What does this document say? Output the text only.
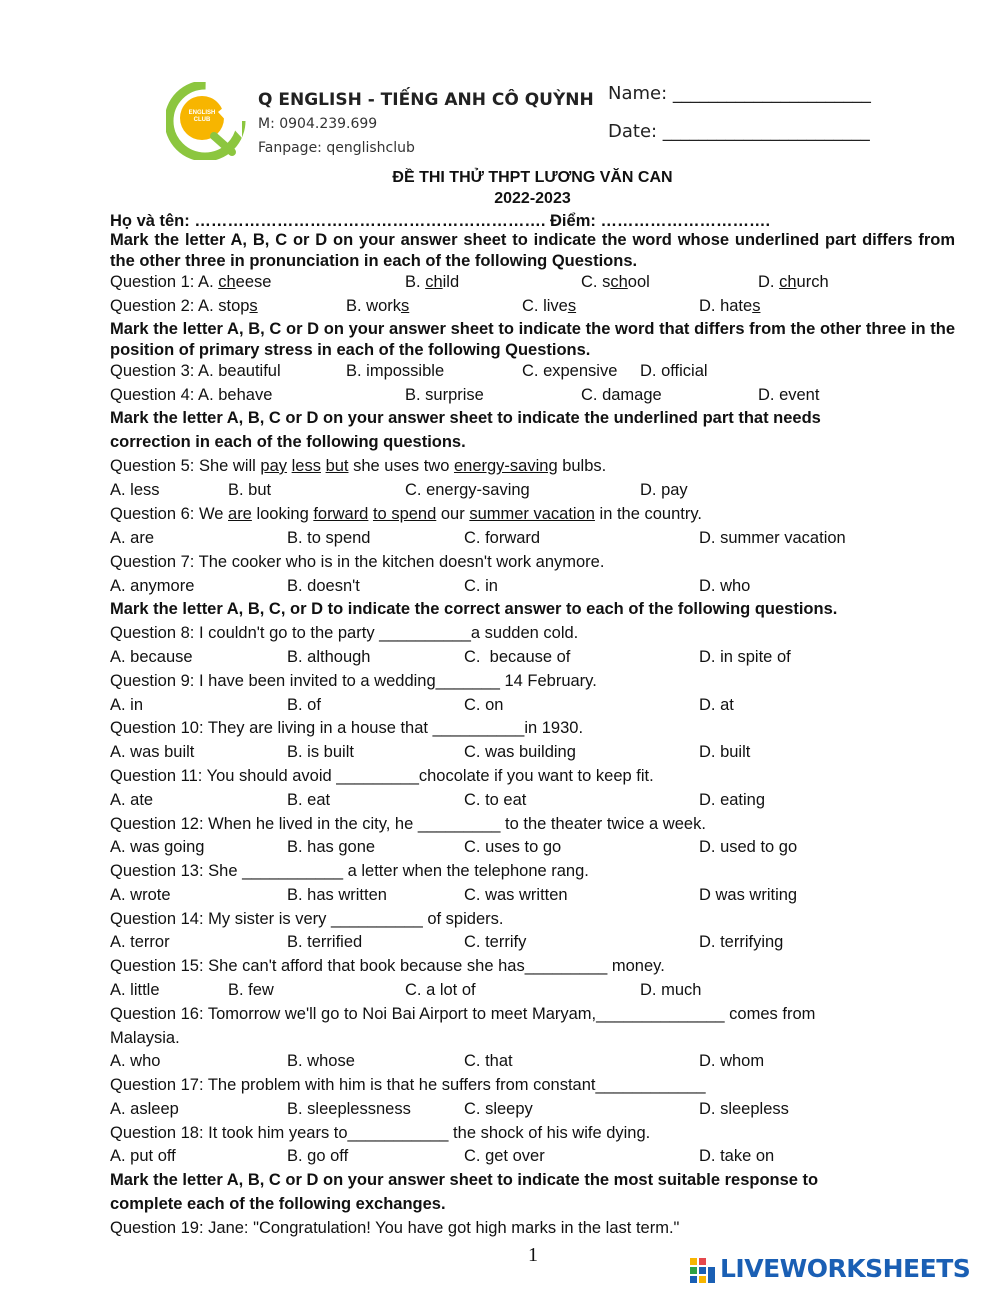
ENGLISH CLUB
Q ENGLISH - TIẾNG ANH CÔ QUỲNH
M: 0904.239.699
Fanpage: qenglishclub
Name: ______________________
Date: _______________________
ĐỀ THI THỬ THPT LƯƠNG VĂN CAN
2022-2023
Họ và tên: ………………………………………………………. Điểm: ………………………….
Mark the letter A, B, C or D on your answer sheet to indicate the word whose underlined part differs from the other three in pronunciation in each of the following Questions.
Question 1: A. cheese	B. child	C. school	D. church
Question 2: A. stops	B. works	C. lives	D. hates
Mark the letter A, B, C or D on your answer sheet to indicate the word that differs from the other three in the position of primary stress in each of the following Questions.
Question 3: A. beautiful	B. impossible	C. expensive D. official
Question 4: A. behave	B. surprise	C. damage	D. event
Mark the letter A, B, C or D on your answer sheet to indicate the underlined part that needs
correction in each of the following questions.
Question 5: She will pay less but she uses two energy-saving bulbs.
A. less	B. but	C. energy-saving	D. pay
Question 6: We are looking forward to spend our summer vacation in the country.
A. are	B. to spend	C. forward	D. summer vacation
Question 7: The cooker who is in the kitchen doesn't work anymore.
A. anymore	B. doesn't	C. in	D. who
Mark the letter A, B, C, or D to indicate the correct answer to each of the following questions.
Question 8: I couldn't go to the party __________a sudden cold.
A. because	B. although	C.  because of	D. in spite of
Question 9: I have been invited to a wedding_______ 14 February.
A. in	B. of	C. on	D. at
Question 10: They are living in a house that __________in 1930.
A. was built	B. is built	C. was building	D. built
Question 11: You should avoid _________chocolate if you want to keep fit.
A. ate	B. eat	C. to eat	D. eating
Question 12: When he lived in the city, he _________ to the theater twice a week.
A. was going	B. has gone	C. uses to go	D. used to go
Question 13: She ___________ a letter when the telephone rang.
A. wrote	B. has written	C. was written	D was writing
Question 14: My sister is very __________ of spiders.
A. terror	B. terrified	C. terrify	D. terrifying
Question 15: She can't afford that book because she has_________ money.
A. little	B. few	C. a lot of	D. much
Question 16: Tomorrow we'll go to Noi Bai Airport to meet Maryam,______________ comes from
Malaysia.
A. who	B. whose	C. that	D. whom
Question 17: The problem with him is that he suffers from constant____________
A. asleep	B. sleeplessness	C. sleepy	D. sleepless
Question 18: It took him years to___________ the shock of his wife dying.
A. put off	B. go off	C. get over	D. take on
Mark the letter A, B, C or D on your answer sheet to indicate the most suitable response to
complete each of the following exchanges.
Question 19: Jane: "Congratulation! You have got high marks in the last term."
1	LIVEWORKSHEETS
